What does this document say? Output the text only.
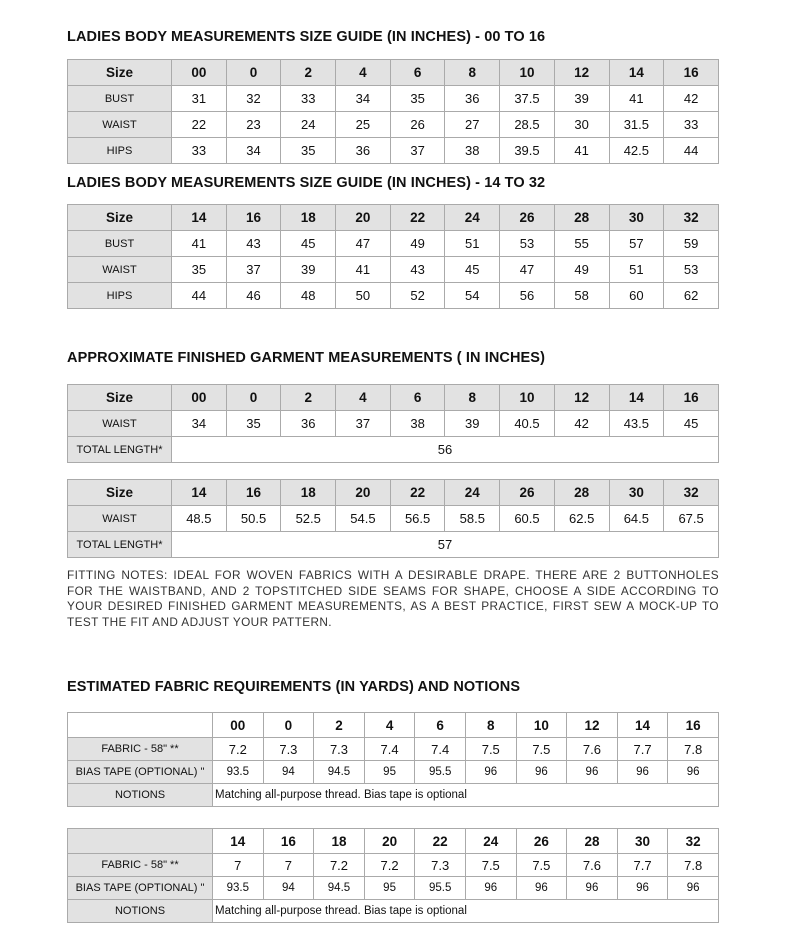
LADIES BODY MEASUREMENTS SIZE GUIDE (IN INCHES) - 00 TO 16
Size	00	0	2	4	6	8	10	12	14	16
BUST	31	32	33	34	35	36	37.5	39	41	42
WAIST	22	23	24	25	26	27	28.5	30	31.5	33
HIPS	33	34	35	36	37	38	39.5	41	42.5	44
LADIES BODY MEASUREMENTS SIZE GUIDE (IN INCHES) - 14 TO 32
Size	14	16	18	20	22	24	26	28	30	32
BUST	41	43	45	47	49	51	53	55	57	59
WAIST	35	37	39	41	43	45	47	49	51	53
HIPS	44	46	48	50	52	54	56	58	60	62
APPROXIMATE FINISHED GARMENT MEASUREMENTS ( IN INCHES)
Size	00	0	2	4	6	8	10	12	14	16
WAIST	34	35	36	37	38	39	40.5	42	43.5	45
TOTAL LENGTH*	56									
Size	14	16	18	20	22	24	26	28	30	32
WAIST	48.5	50.5	52.5	54.5	56.5	58.5	60.5	62.5	64.5	67.5
TOTAL LENGTH*	57									
FITTING NOTES: IDEAL FOR WOVEN FABRICS WITH A DESIRABLE DRAPE. THERE ARE 2 BUTTONHOLES FOR THE WAISTBAND, AND 2 TOPSTITCHED SIDE SEAMS FOR SHAPE, CHOOSE A SIDE ACCORDING TO YOUR DESIRED FINISHED GARMENT MEASUREMENTS, AS A BEST PRACTICE, FIRST SEW A MOCK-UP TO TEST THE FIT AND ADJUST YOUR PATTERN.
ESTIMATED FABRIC REQUIREMENTS (IN YARDS) AND NOTIONS
	00	0	2	4	6	8	10	12	14	16
FABRIC - 58" **	7.2	7.3	7.3	7.4	7.4	7.5	7.5	7.6	7.7	7.8
BIAS TAPE (OPTIONAL) "	93.5	94	94.5	95	95.5	96	96	96	96	96
NOTIONS	Matching all-purpose thread. Bias tape is optional									
	14	16	18	20	22	24	26	28	30	32
FABRIC - 58" **	7	7	7.2	7.2	7.3	7.5	7.5	7.6	7.7	7.8
BIAS TAPE (OPTIONAL) "	93.5	94	94.5	95	95.5	96	96	96	96	96
NOTIONS	Matching all-purpose thread. Bias tape is optional									
